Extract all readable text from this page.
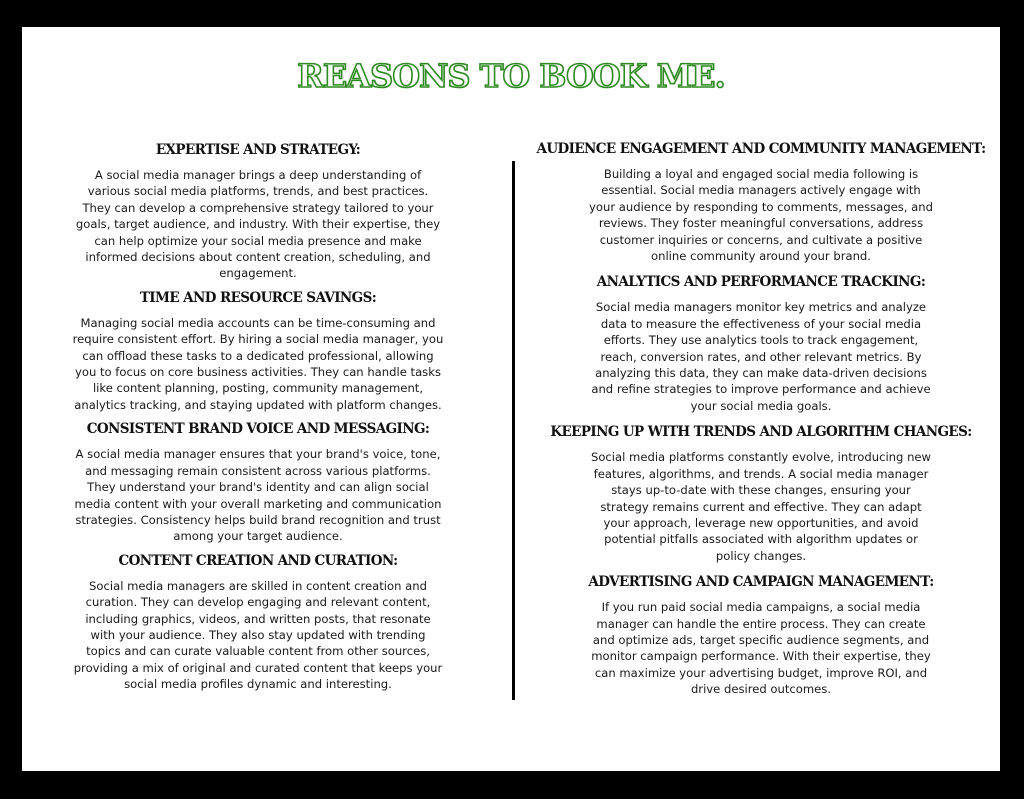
REASONS TO BOOK ME.
EXPERTISE AND STRATEGY:

A social media manager brings a deep understanding of various social media platforms, trends, and best practices. They can develop a comprehensive strategy tailored to your goals, target audience, and industry. With their expertise, they can help optimize your social media presence and make informed decisions about content creation, scheduling, and engagement.

TIME AND RESOURCE SAVINGS:

Managing social media accounts can be time-consuming and require consistent effort. By hiring a social media manager, you can offload these tasks to a dedicated professional, allowing you to focus on core business activities. They can handle tasks like content planning, posting, community management, analytics tracking, and staying updated with platform changes.

CONSISTENT BRAND VOICE AND MESSAGING:

A social media manager ensures that your brand's voice, tone, and messaging remain consistent across various platforms. They understand your brand's identity and can align social media content with your overall marketing and communication strategies. Consistency helps build brand recognition and trust among your target audience.

CONTENT CREATION AND CURATION:

Social media managers are skilled in content creation and curation. They can develop engaging and relevant content, including graphics, videos, and written posts, that resonate with your audience. They also stay updated with trending topics and can curate valuable content from other sources, providing a mix of original and curated content that keeps your social media profiles dynamic and interesting.

AUDIENCE ENGAGEMENT AND COMMUNITY MANAGEMENT:

Building a loyal and engaged social media following is essential. Social media managers actively engage with your audience by responding to comments, messages, and reviews. They foster meaningful conversations, address customer inquiries or concerns, and cultivate a positive online community around your brand.

ANALYTICS AND PERFORMANCE TRACKING:

Social media managers monitor key metrics and analyze data to measure the effectiveness of your social media efforts. They use analytics tools to track engagement, reach, conversion rates, and other relevant metrics. By analyzing this data, they can make data-driven decisions and refine strategies to improve performance and achieve your social media goals.

KEEPING UP WITH TRENDS AND ALGORITHM CHANGES:

Social media platforms constantly evolve, introducing new features, algorithms, and trends. A social media manager stays up-to-date with these changes, ensuring your strategy remains current and effective. They can adapt your approach, leverage new opportunities, and avoid potential pitfalls associated with algorithm updates or policy changes.

ADVERTISING AND CAMPAIGN MANAGEMENT:

If you run paid social media campaigns, a social media manager can handle the entire process. They can create and optimize ads, target specific audience segments, and monitor campaign performance. With their expertise, they can maximize your advertising budget, improve ROI, and drive desired outcomes.
